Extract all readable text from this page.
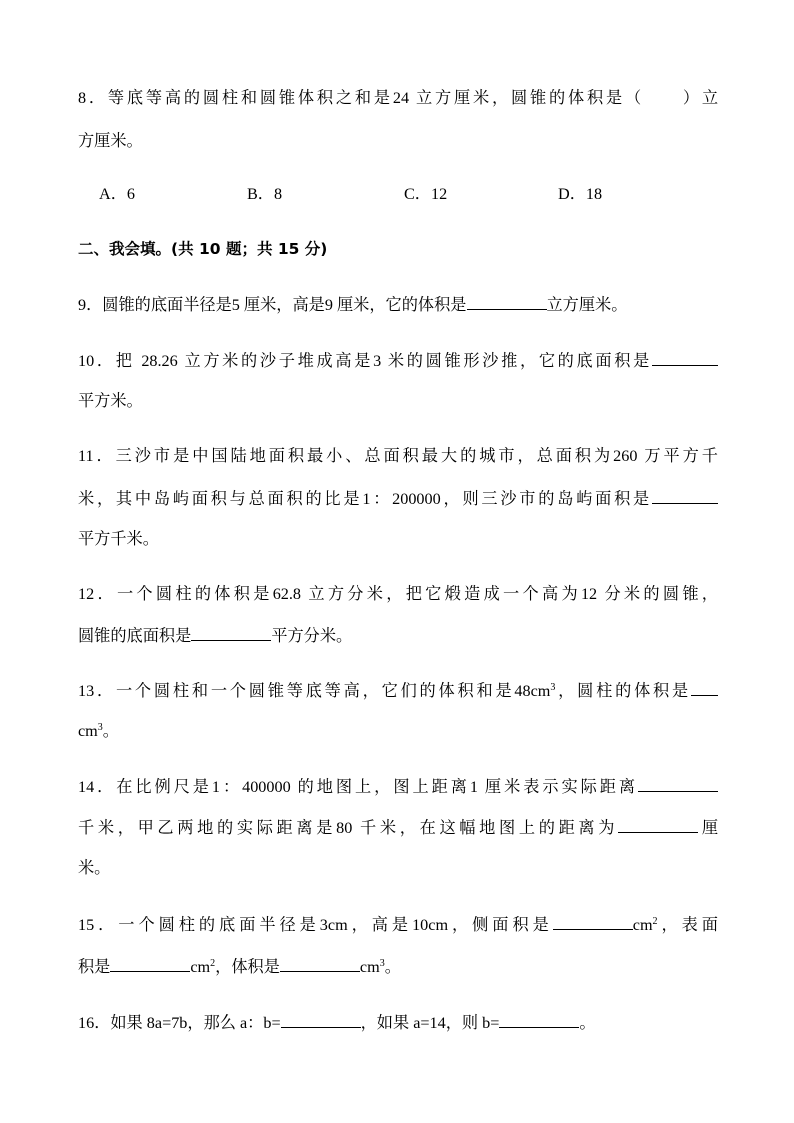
8．等底等高的圆柱和圆锥体积之和是24 立方厘米，圆锥的体积是（ ）立
方厘米。
A．6	B．8	C．12	D．18
二、我会填。(共 10 题；共 15 分)
9．圆锥的底面半径是5 厘米，高是9 厘米，它的体积是	立方厘米。
10．把 28.26 立方米的沙子堆成高是3 米的圆锥形沙推，它的底面积是
平方米。
11．三沙市是中国陆地面积最小、总面积最大的城市，总面积为260 万平方千
米，其中岛屿面积与总面积的比是1：200000，则三沙市的岛屿面积是
平方千米。
12．一个圆柱的体积是62.8 立方分米，把它煅造成一个高为12 分米的圆锥，
圆锥的底面积是	平方分米。
13．一个圆柱和一个圆锥等底等高，它们的体积和是$48cm^3$，圆柱的体积是
$cm^3$。
14．在比例尺是1：400000 的地图上，图上距离1 厘米表示实际距离
千米，甲乙两地的实际距离是80 千米，在这幅地图上的距离为	厘
米。
15．一个圆柱的底面半径是3cm，高是10cm，侧面积是	$cm^2$，表面
积是	$cm^2$，体积是	$cm^3$。
16．如果 8a=7b，那么 a：b=	，如果 a=14，则 b=	。
